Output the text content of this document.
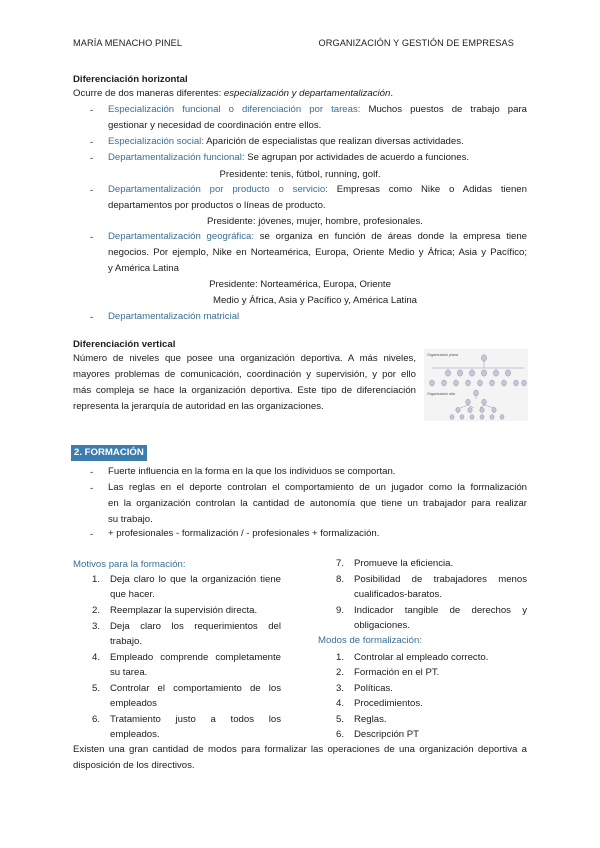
MARÍA MENACHO PINEL	ORGANIZACIÓN Y GESTIÓN DE EMPRESAS
Diferenciación horizontal
Ocurre de dos maneras diferentes: especialización y departamentalización.
- Especialización funcional o diferenciación por tareas: Muchos puestos de trabajo para
gestionar y necesidad de coordinación entre ellos.
- Especialización social: Aparición de especialistas que realizan diversas actividades.
- Departamentalización funcional: Se agrupan por actividades de acuerdo a funciones.
Presidente: tenis, fútbol, running, golf.
- Departamentalización por producto o servicio: Empresas como Nike o Adidas tienen
departamentos por productos o líneas de producto.
Presidente: jóvenes, mujer, hombre, profesionales.
- Departamentalización geográfica: se organiza en función de áreas donde la empresa tiene
negocios. Por ejemplo, Nike en Norteamérica, Europa, Oriente Medio y África; Asia y Pacífico;
y América Latina
Presidente: Norteamérica, Europa, Oriente
Medio y África, Asia y Pacífico y, América Latina
- Departamentalización matricial
Diferenciación vertical
Número de niveles que posee una organización deportiva. A más niveles,
mayores problemas de comunicación, coordinación y supervisión, y por ello
más compleja se hace la organización deportiva. Este tipo de diferenciación
representa la jerarquía de autoridad en las organizaciones.
Organización plana
Organización alta
2. FORMACIÓN
- Fuerte influencia en la forma en la que los individuos se comportan.
- Las reglas en el deporte controlan el comportamiento de un jugador como la formalización
en la organización controlan la cantidad de autonomía que tiene un trabajador para realizar
su trabajo.
- + profesionales - formalización / - profesionales + formalización.
Motivos para la formación:
1. Deja claro lo que la organización tiene
que hacer.
2. Reemplazar la supervisión directa.
3. Deja claro los requerimientos del
trabajo.
4. Empleado comprende completamente
su tarea.
5. Controlar el comportamiento de los
empleados
6. Tratamiento justo a todos los
empleados.
7. Promueve la eficiencia.
8. Posibilidad de trabajadores menos
cualificados-baratos.
9. Indicador tangible de derechos y
obligaciones.
Modos de formalización:
1. Controlar al empleado correcto.
2. Formación en el PT.
3. Políticas.
4. Procedimientos.
5. Reglas.
6. Descripción PT
Existen una gran cantidad de modos para formalizar las operaciones de una organización deportiva a
disposición de los directivos.
